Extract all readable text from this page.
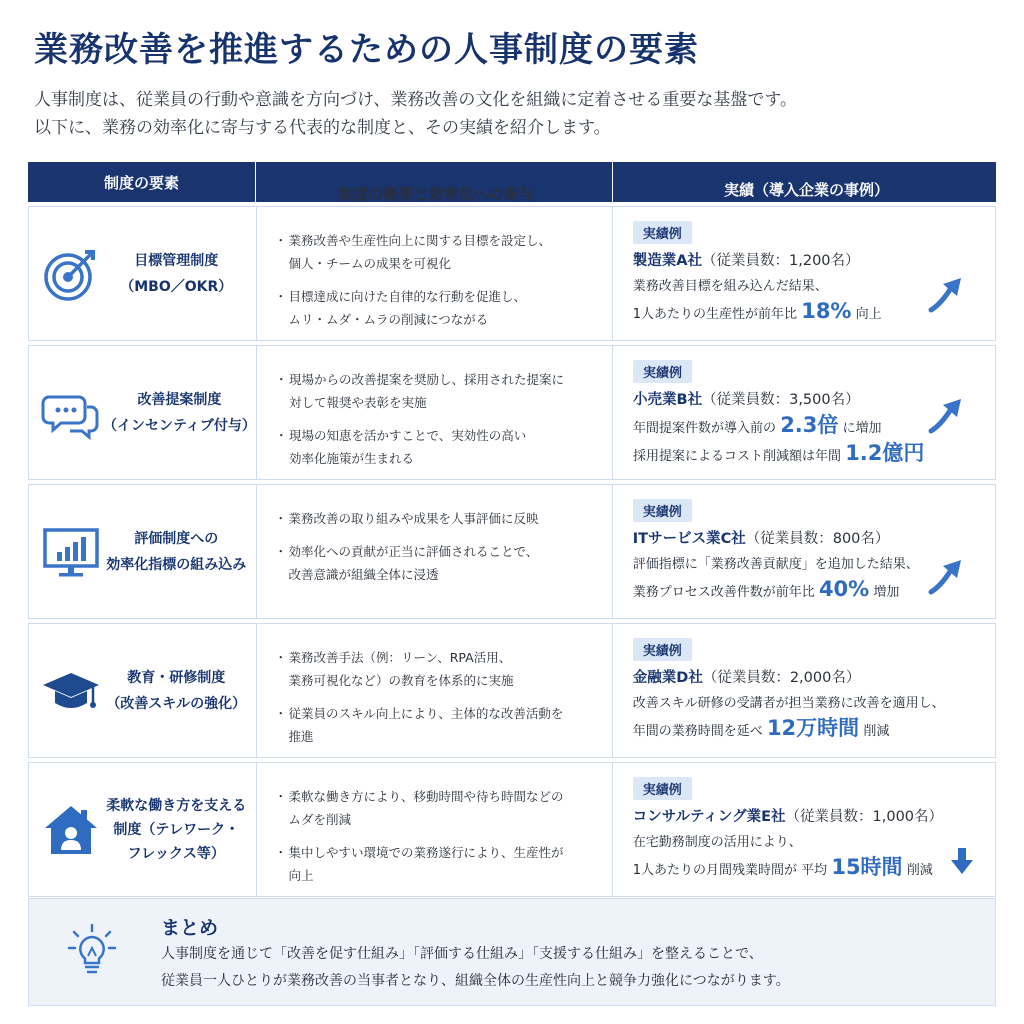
業務改善を推進するための人事制度の要素
人事制度は、従業員の行動や意識を方向づけ、業務改善の文化を組織に定着させる重要な基盤です。
以下に、業務の効率化に寄与する代表的な制度と、その実績を紹介します。
制度の要素
制度の概要と効率化への寄与	実績（導入企業の事例）
目標管理制度
（MBO／OKR）
・ 業務改善や生産性向上に関する目標を設定し、
個人・チームの成果を可視化
・ 目標達成に向けた自律的な行動を促進し、
ムリ・ムダ・ムラの削減につながる
実績例
製造業A社（従業員数：1,200名）
業務改善目標を組み込んだ結果、
1人あたりの生産性が前年比 18% 向上
改善提案制度
（インセンティブ付与）
・ 現場からの改善提案を奨励し、採用された提案に
対して報奨や表彰を実施
・ 現場の知恵を活かすことで、実効性の高い
効率化施策が生まれる
実績例
小売業B社（従業員数：3,500名）
年間提案件数が導入前の 2.3倍 に増加
採用提案によるコスト削減額は年間 1.2億円
評価制度への
効率化指標の組み込み
・ 業務改善の取り組みや成果を人事評価に反映
・ 効率化への貢献が正当に評価されることで、
改善意識が組織全体に浸透
実績例
ITサービス業C社（従業員数：800名）
評価指標に「業務改善貢献度」を追加した結果、
業務プロセス改善件数が前年比 40% 増加
教育・研修制度
（改善スキルの強化）
・ 業務改善手法（例：リーン、RPA活用、
業務可視化など）の教育を体系的に実施
・ 従業員のスキル向上により、主体的な改善活動を
推進
実績例
金融業D社（従業員数：2,000名）
改善スキル研修の受講者が担当業務に改善を適用し、
年間の業務時間を延べ 12万時間 削減
柔軟な働き方を支える
制度（テレワーク・
フレックス等）
・ 柔軟な働き方により、移動時間や待ち時間などの
ムダを削減
・ 集中しやすい環境での業務遂行により、生産性が
向上
実績例
コンサルティング業E社（従業員数：1,000名）
在宅勤務制度の活用により、
1人あたりの月間残業時間が 平均 15時間 削減
まとめ
人事制度を通じて「改善を促す仕組み」「評価する仕組み」「支援する仕組み」を整えることで、
従業員一人ひとりが業務改善の当事者となり、組織全体の生産性向上と競争力強化につながります。
